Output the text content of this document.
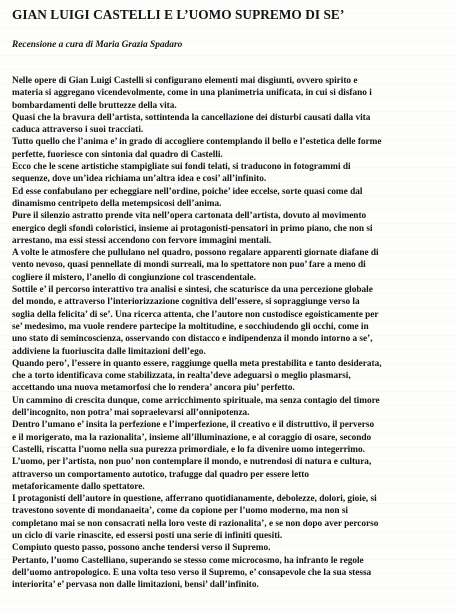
GIAN LUIGI CASTELLI E L’UOMO SUPREMO DI SE’
Recensione a cura di Maria Grazia Spadaro
Nelle opere di Gian Luigi Castelli si configurano elementi mai disgiunti, ovvero spirito e
materia si aggregano vicendevolmente, come in una planimetria unificata, in cui si disfano i
bombardamenti delle bruttezze della vita.
Quasi che la bravura dell’artista, sottintenda la cancellazione dei disturbi causati dalla vita
caduca attraverso i suoi tracciati.
Tutto quello che l’anima e’ in grado di accogliere contemplando il bello e l’estetica delle forme
perfette, fuoriesce con sintonia dal quadro di Castelli.
Ecco che le scene artistiche stampigliate sui fondi telati, si traducono in fotogrammi di
sequenze, dove un’idea richiama un’altra idea e cosi’ all’infinito.
Ed esse confabulano per echeggiare nell’ordine, poiche’ idee eccelse, sorte quasi come dal
dinamismo centripeto della metempsicosi dell’anima.
Pure il silenzio astratto prende vita nell’opera cartonata dell’artista, dovuto al movimento
energico degli sfondi coloristici, insieme ai protagonisti-pensatori in primo piano, che non si
arrestano, ma essi stessi accendono con fervore immagini mentali.
A volte le atmosfere che pullulano nel quadro, possono regalare apparenti giornate diafane di
vento nevoso, quasi pennellate di mondi surreali, ma lo spettatore non puo’ fare a meno di
cogliere il mistero, l’anello di congiunzione col trascendentale.
Sottile e’ il percorso interattivo tra analisi e sintesi, che scaturisce da una percezione globale
del mondo, e attraverso l’interiorizzazione cognitiva dell’essere, si sopraggiunge verso la
soglia della felicita’ di se’. Una ricerca attenta, che l’autore non custodisce egoisticamente per
se’ medesimo, ma vuole rendere partecipe la moltitudine, e socchiudendo gli occhi, come in
uno stato di semincoscienza, osservando con distacco e indipendenza il mondo intorno a se’,
addiviene la fuoriuscita dalle limitazioni dell’ego.
Quando pero’, l’essere in quanto essere, raggiunge quella meta prestabilita e tanto desiderata,
che a torto identificava come stabilizzata, in realta’deve adeguarsi o meglio plasmarsi,
accettando una nuova metamorfosi che lo rendera’ ancora piu’ perfetto.
Un cammino di crescita dunque, come arricchimento spirituale, ma senza contagio del timore
dell’incognito, non potra’ mai sopraelevarsi all’onnipotenza.
Dentro l’umano e’ insita la perfezione e l’imperfezione, il creativo e il distruttivo, il perverso
e il morigerato, ma la razionalita’, insieme all’illuminazione, e al coraggio di osare, secondo
Castelli, riscatta l’uomo nella sua purezza primordiale, e lo fa divenire uomo integerrimo.
L’uomo, per l’artista, non puo’ non contemplare il mondo, e nutrendosi di natura e cultura,
attraverso un comportamento autotico, trafugge dal quadro per essere letto
metaforicamente dallo spettatore.
I protagonisti dell’autore in questione, afferrano quotidianamente, debolezze, dolori, gioie, si
travestono sovente di mondanaeita’, come da copione per l’uomo moderno, ma non si
completano mai se non consacrati nella loro veste di razionalita’, e se non dopo aver percorso
un ciclo di varie rinascite, ed essersi posti una serie di infiniti quesiti.
Compiuto questo passo, possono anche tendersi verso il Supremo.
Pertanto, l’uomo Castelliano, superando se stesso come microcosmo, ha infranto le regole
dell’uomo antropologico. E una volta teso verso il Supremo, e’ consapevole che la sua stessa
interiorita’ e’ pervasa non dalle limitazioni, bensi’ dall’infinito.
